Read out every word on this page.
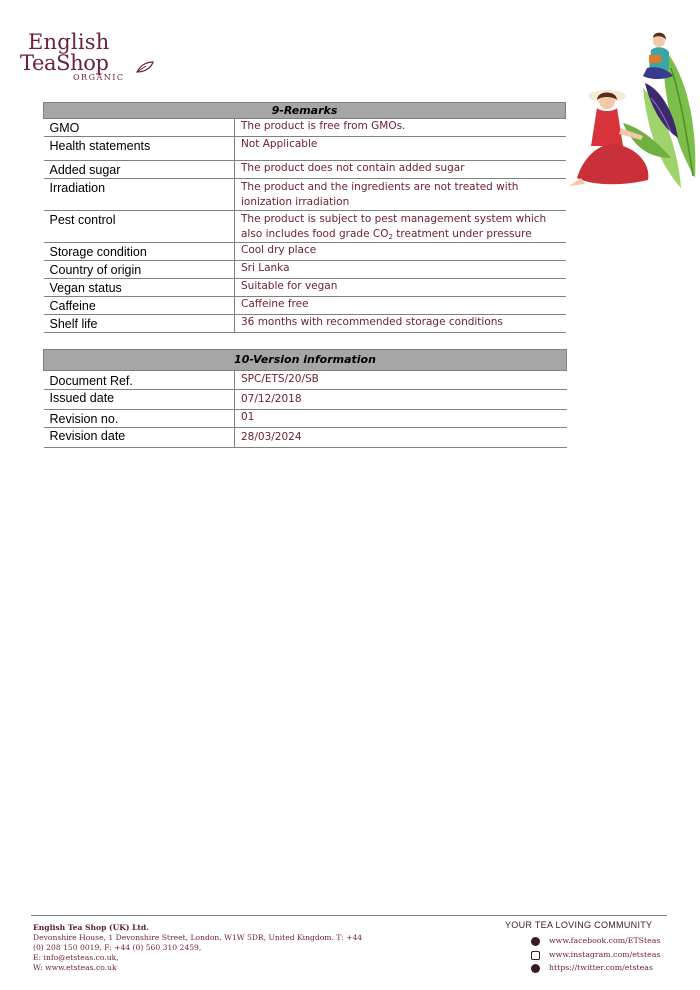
English
TeaShop
ORGANIC
9-Remarks	
GMO	The product is free from GMOs.
Health statements	Not Applicable
Added sugar	The product does not contain added sugar
Irradiation	The product and the ingredients are not treated with ionization irradiation
Pest control	The product is subject to pest management system which also includes food grade $CO_2$ treatment under pressure
Storage condition	Cool dry place
Country of origin	Sri Lanka
Vegan status	Suitable for vegan
Caffeine	Caffeine free
Shelf life	36 months with recommended storage conditions
10-Version information	
Document Ref.	SPC/ETS/20/SB
Issued date	07/12/2018
Revision no.	01
Revision date	28/03/2024
English Tea Shop (UK) Ltd.
Devonshire House, 1 Devonshire Street, London, W1W 5DR, United Kingdom. T: +44 (0) 208 150 0019, F: +44 (0) 560 310 2459,
E: info@etsteas.co.uk,
W: www.etsteas.co.uk
YOUR TEA LOVING COMMUNITY
www.facebook.com/ETSteas
www.instagram.com/etsteas
https://twitter.com/etsteas
